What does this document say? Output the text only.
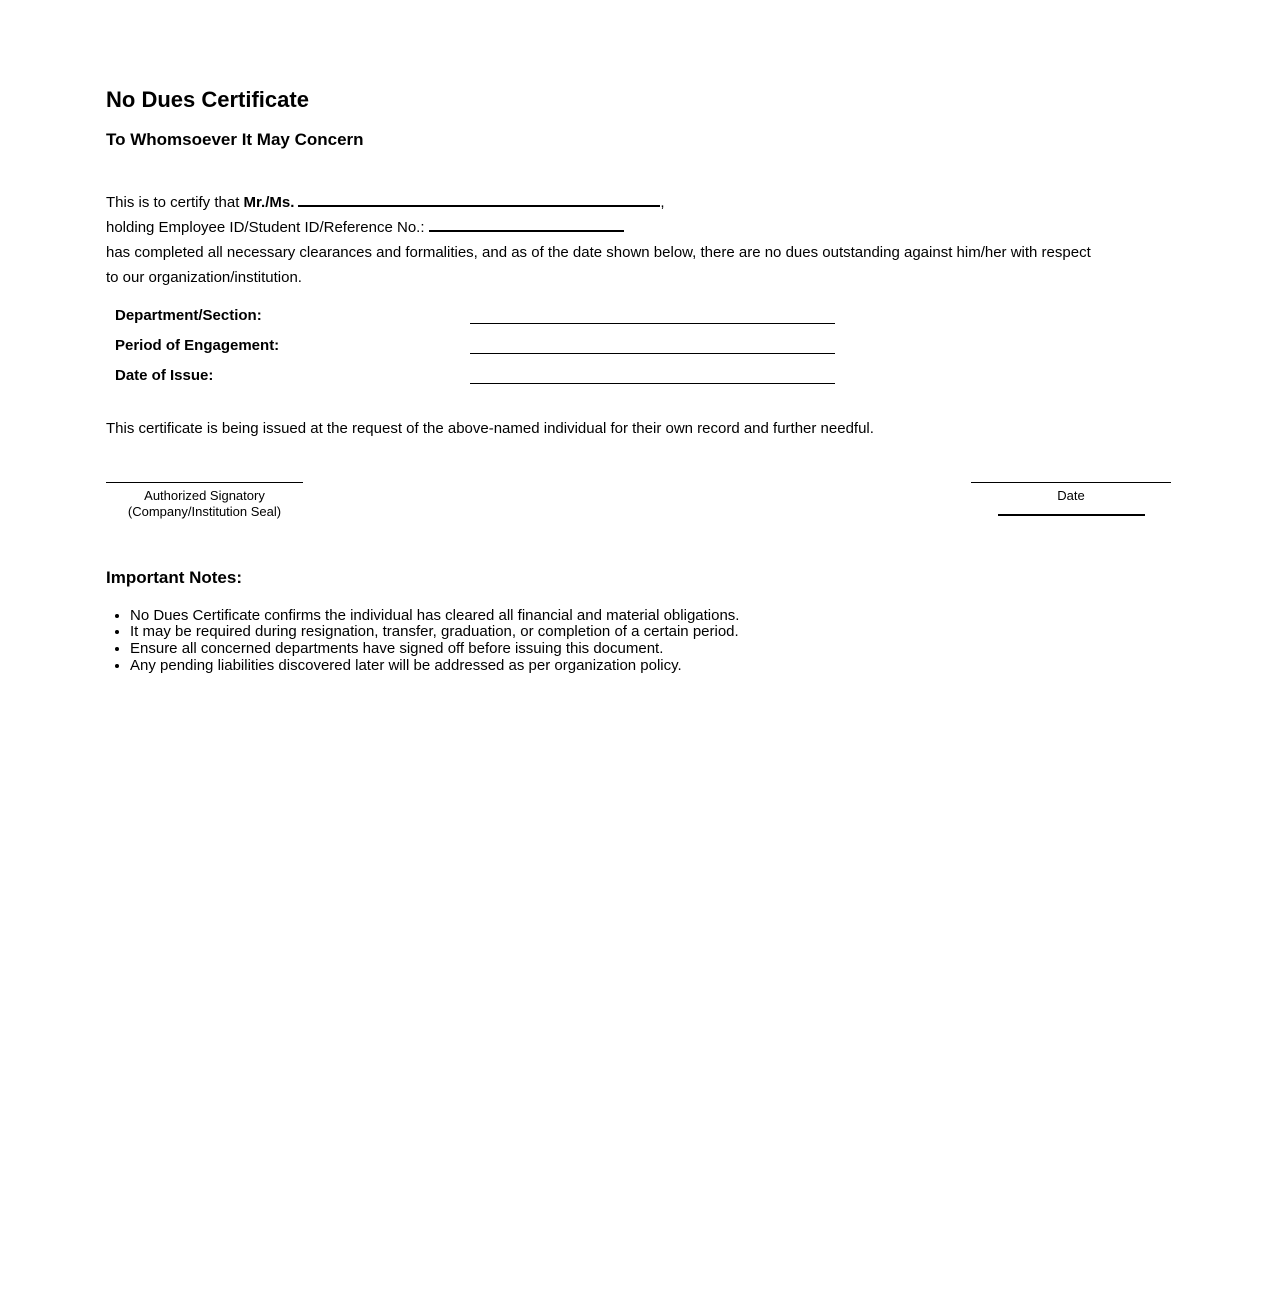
No Dues Certificate
To Whomsoever It May Concern
This is to certify that Mr./Ms.	,
holding Employee ID/Student ID/Reference No.:
has completed all necessary clearances and formalities, and as of the date shown below, there are no dues outstanding against him/her with respect
to our organization/institution.
Department/Section:
Period of Engagement:
Date of Issue:

This certificate is being issued at the request of the above-named individual for their own record and further needful.

Authorized Signatory
(Company/Institution Seal)
Date
Important Notes:
• No Dues Certificate confirms the individual has cleared all financial and material obligations.
• It may be required during resignation, transfer, graduation, or completion of a certain period.
• Ensure all concerned departments have signed off before issuing this document.
• Any pending liabilities discovered later will be addressed as per organization policy.
